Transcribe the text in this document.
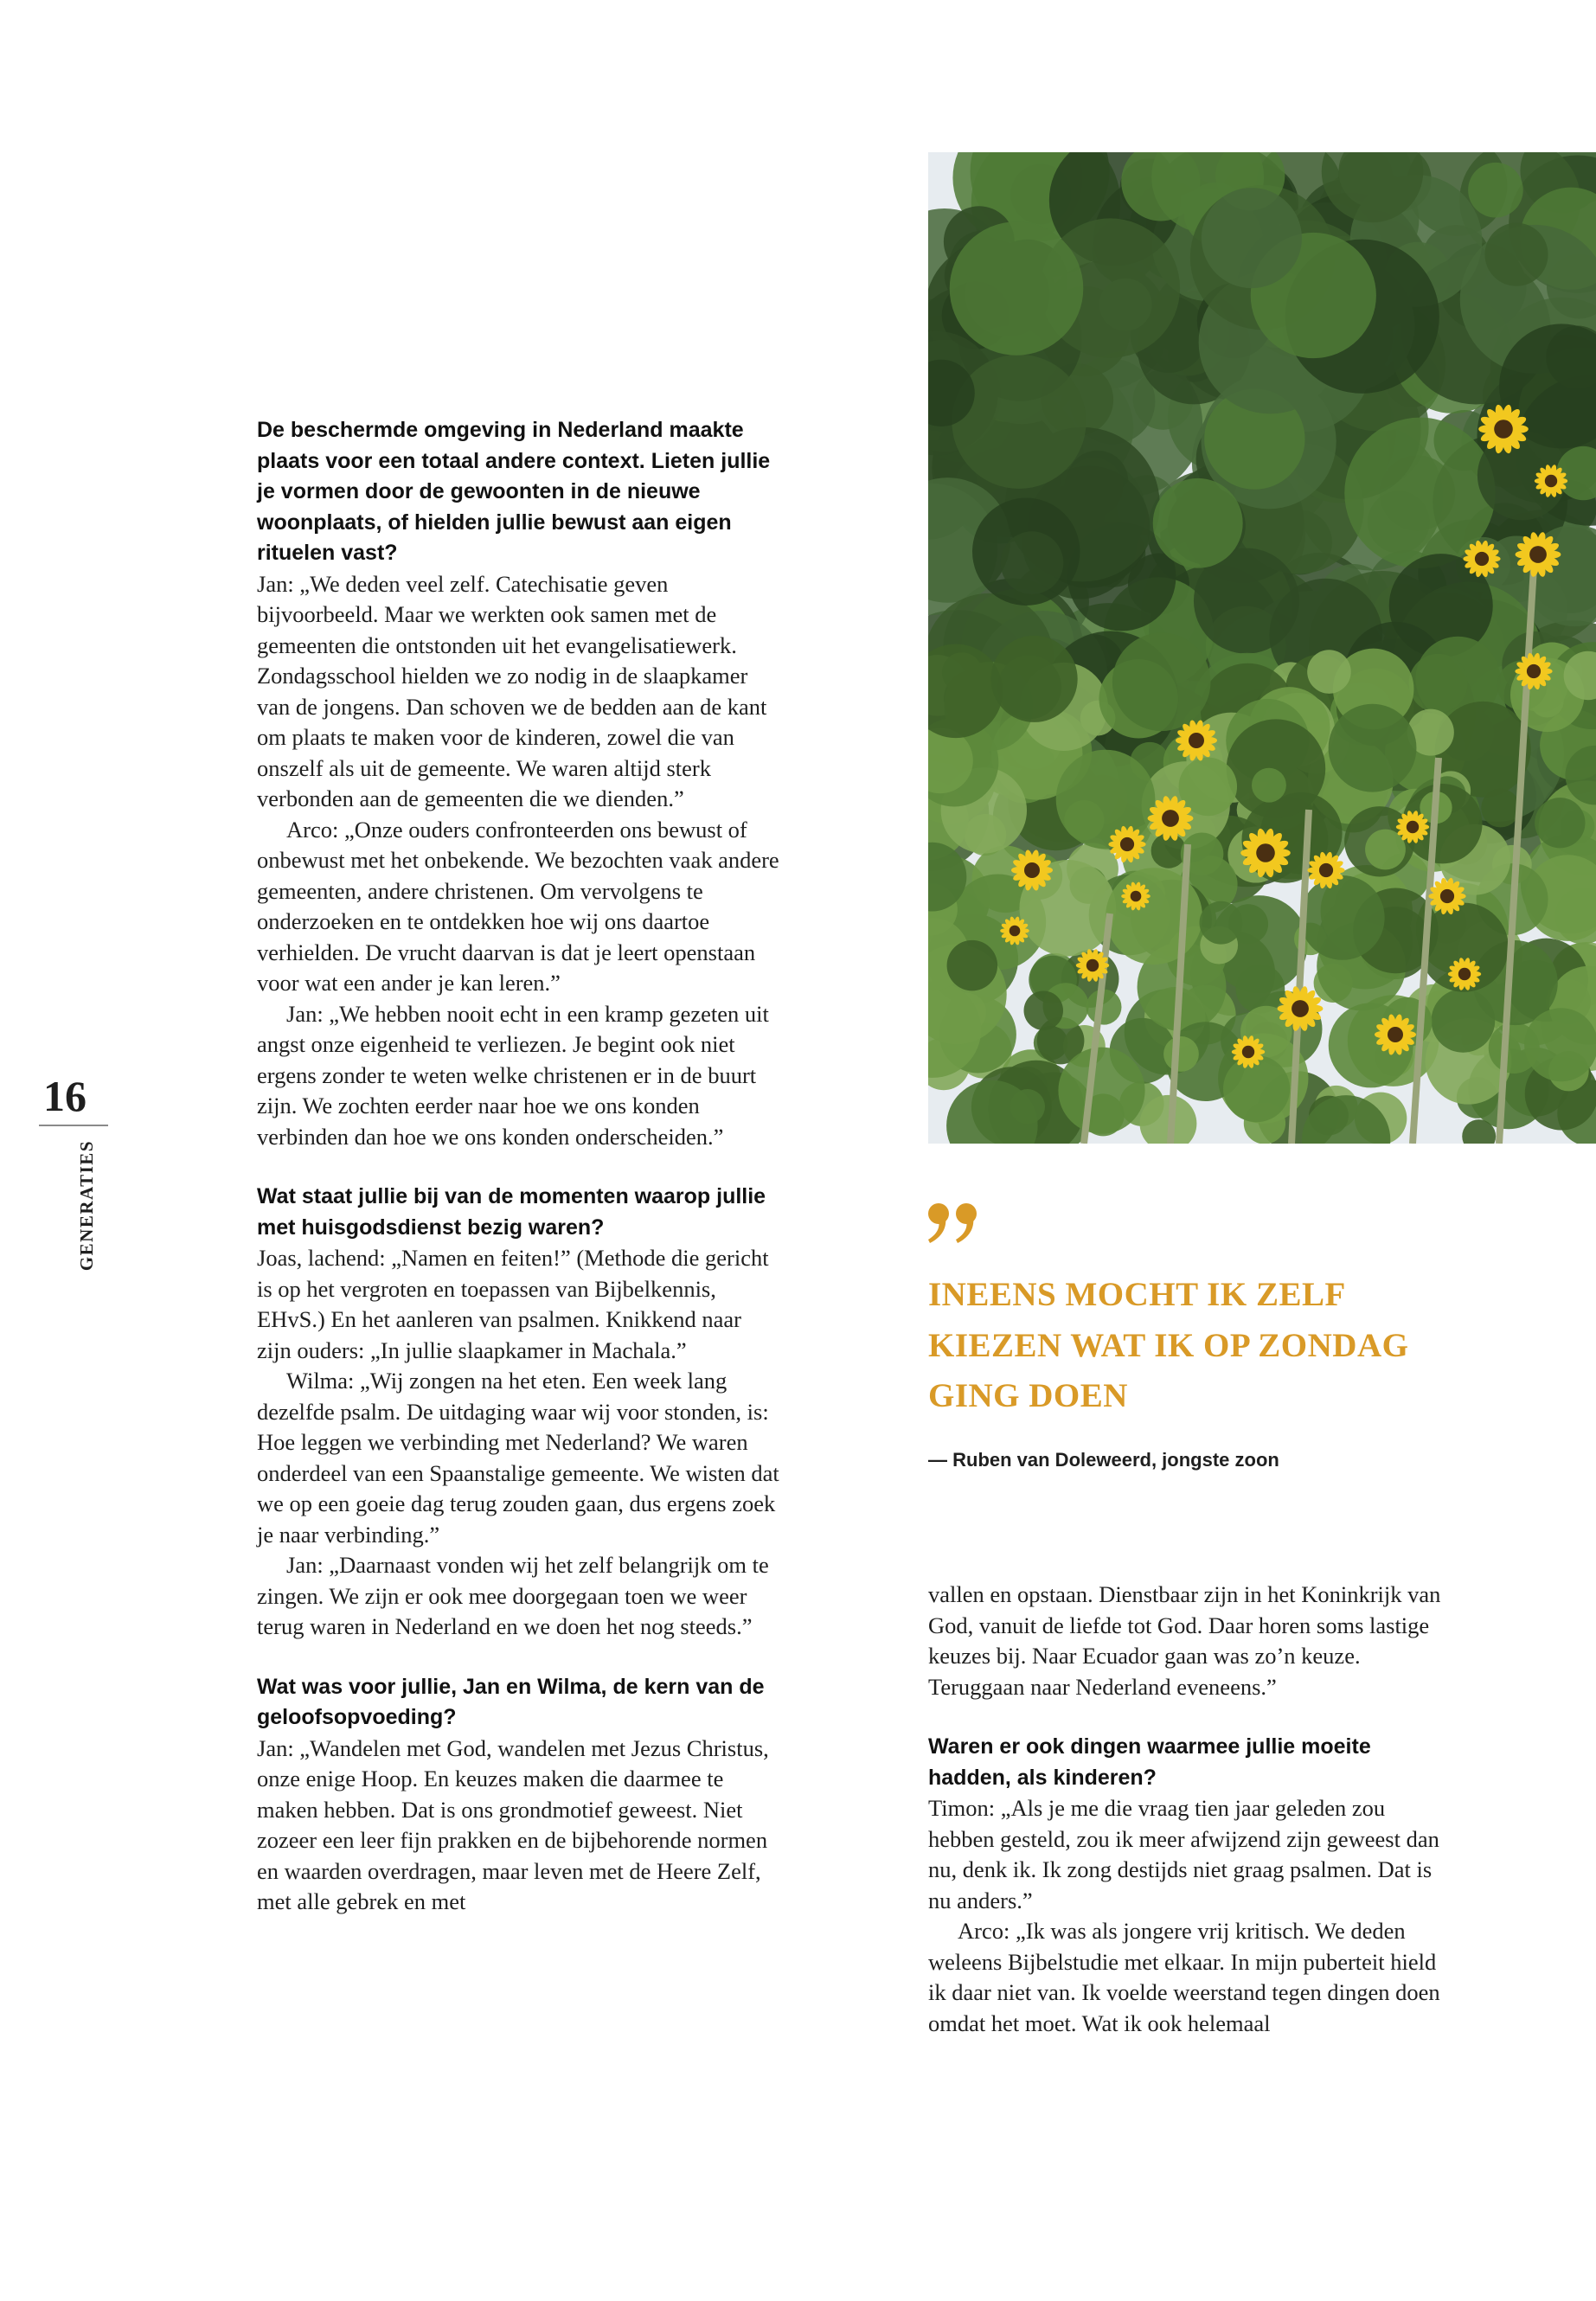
16
GENERATIES

De beschermde omgeving in Nederland maakte plaats voor een totaal andere context. Lieten jullie je vormen door de gewoonten in de nieuwe woonplaats, of hielden jullie bewust aan eigen rituelen vast?

Jan: „We deden veel zelf. Catechisatie geven bijvoorbeeld. Maar we werkten ook samen met de gemeenten die ontstonden uit het evangelisatiewerk. Zondagsschool hielden we zo nodig in de slaapkamer van de jongens. Dan schoven we de bedden aan de kant om plaats te maken voor de kinderen, zowel die van onszelf als uit de gemeente. We waren altijd sterk verbonden aan de gemeenten die we dienden.”

Arco: „Onze ouders confronteerden ons bewust of onbewust met het onbekende. We bezochten vaak andere gemeenten, andere christenen. Om vervolgens te onderzoeken en te ontdekken hoe wij ons daartoe verhielden. De vrucht daarvan is dat je leert openstaan voor wat een ander je kan leren.”

Jan: „We hebben nooit echt in een kramp gezeten uit angst onze eigenheid te verliezen. Je begint ook niet ergens zonder te weten welke christenen er in de buurt zijn. We zochten eerder naar hoe we ons konden verbinden dan hoe we ons konden onderscheiden.”

Wat staat jullie bij van de momenten waarop jullie met huisgodsdienst bezig waren?

Joas, lachend: „Namen en feiten!” (Methode die gericht is op het vergroten en toepassen van Bijbelkennis, EHvS.) En het aanleren van psalmen. Knikkend naar zijn ouders: „In jullie slaapkamer in Machala.”

Wilma: „Wij zongen na het eten. Een week lang dezelfde psalm. De uitdaging waar wij voor stonden, is: Hoe leggen we verbinding met Nederland? We waren onderdeel van een Spaanstalige gemeente. We wisten dat we op een goeie dag terug zouden gaan, dus ergens zoek je naar verbinding.”

Jan: „Daarnaast vonden wij het zelf belangrijk om te zingen. We zijn er ook mee doorgegaan toen we weer terug waren in Nederland en we doen het nog steeds.”

Wat was voor jullie, Jan en Wilma, de kern van de geloofsopvoeding?

Jan: „Wandelen met God, wandelen met Jezus Christus, onze enige Hoop. En keuzes maken die daarmee te maken hebben. Dat is ons grondmotief geweest. Niet zozeer een leer fijn prakken en de bijbehorende normen en waarden overdragen, maar leven met de Heere Zelf, met alle gebrek en met

vallen en opstaan. Dienstbaar zijn in het Koninkrijk van God, vanuit de liefde tot God. Daar horen soms lastige keuzes bij. Naar Ecuador gaan was zo’n keuze. Teruggaan naar Nederland eveneens.”

Waren er ook dingen waarmee jullie moeite hadden, als kinderen?

Timon: „Als je me die vraag tien jaar geleden zou hebben gesteld, zou ik meer afwijzend zijn geweest dan nu, denk ik. Ik zong destijds niet graag psalmen. Dat is nu anders.”

Arco: „Ik was als jongere vrij kritisch. We deden weleens Bijbelstudie met elkaar. In mijn puberteit hield ik daar niet van. Ik voelde weerstand tegen dingen doen omdat het moet. Wat ik ook helemaal

INEENS MOCHT IK ZELF KIEZEN WAT IK OP ZONDAG GING DOEN
— Ruben van Doleweerd, jongste zoon
